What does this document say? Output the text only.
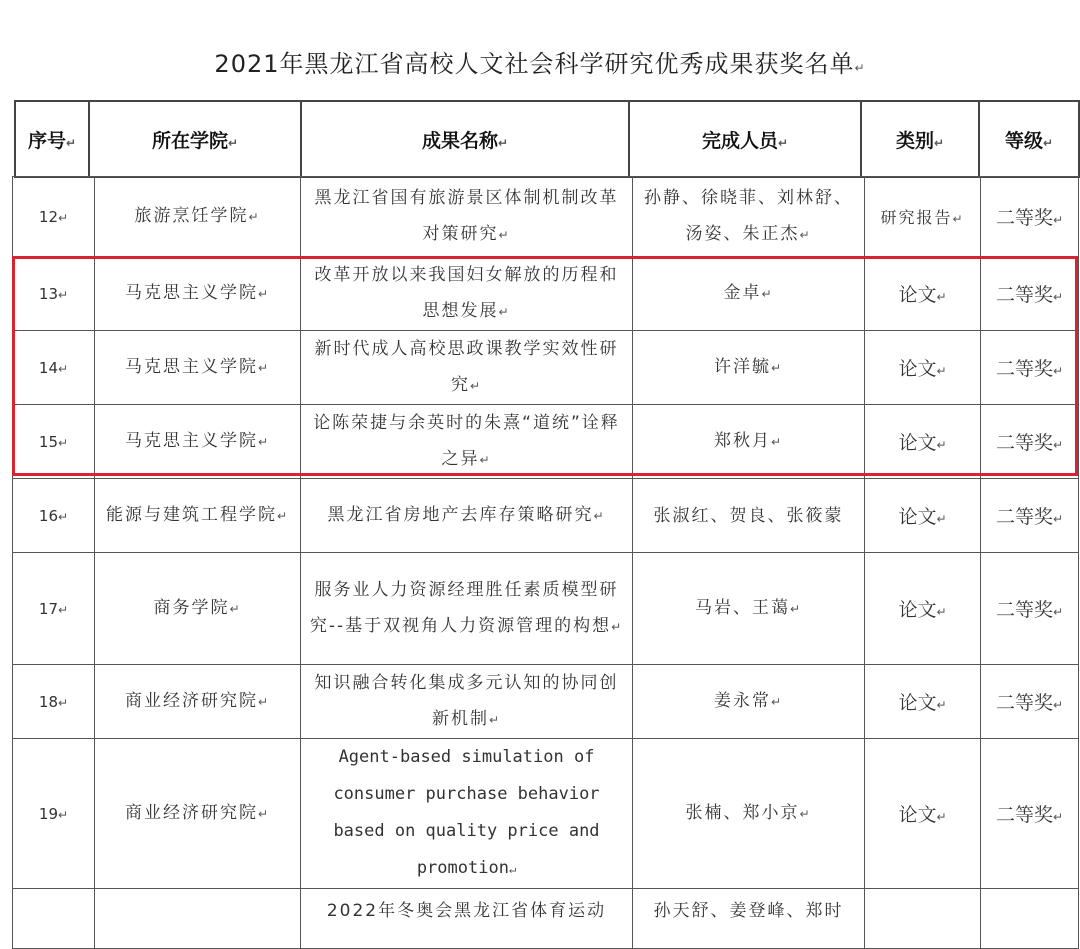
2021年黑龙江省高校人文社会科学研究优秀成果获奖名单↵
序号↵	所在学院↵	成果名称↵	完成人员↵	类别↵	等级↵
12↵	旅游烹饪学院↵	黑龙江省国有旅游景区体制机制改革对策研究↵	孙静、徐晓菲、刘林舒、汤姿、朱正杰↵	研究报告↵	二等奖↵
13↵	马克思主义学院↵	改革开放以来我国妇女解放的历程和思想发展↵	金卓↵	论文↵	二等奖↵
14↵	马克思主义学院↵	新时代成人高校思政课教学实效性研究↵	许洋毓↵	论文↵	二等奖↵
15↵	马克思主义学院↵	论陈荣捷与余英时的朱熹“道统”诠释之异↵	郑秋月↵	论文↵	二等奖↵
16↵	能源与建筑工程学院↵	黑龙江省房地产去库存策略研究↵	张淑红、贺良、张筱蒙	论文↵	二等奖↵
17↵	商务学院↵	服务业人力资源经理胜任素质模型研究--基于双视角人力资源管理的构想↵	马岩、王蔼↵	论文↵	二等奖↵
18↵	商业经济研究院↵	知识融合转化集成多元认知的协同创新机制↵	姜永常↵	论文↵	二等奖↵
19↵	商业经济研究院↵	Agent-based simulation of consumer purchase behavior based on quality price and promotion↵	张楠、郑小京↵	论文↵	二等奖↵
		2022年冬奥会黑龙江省体育运动	孙天舒、姜登峰、郑时		
